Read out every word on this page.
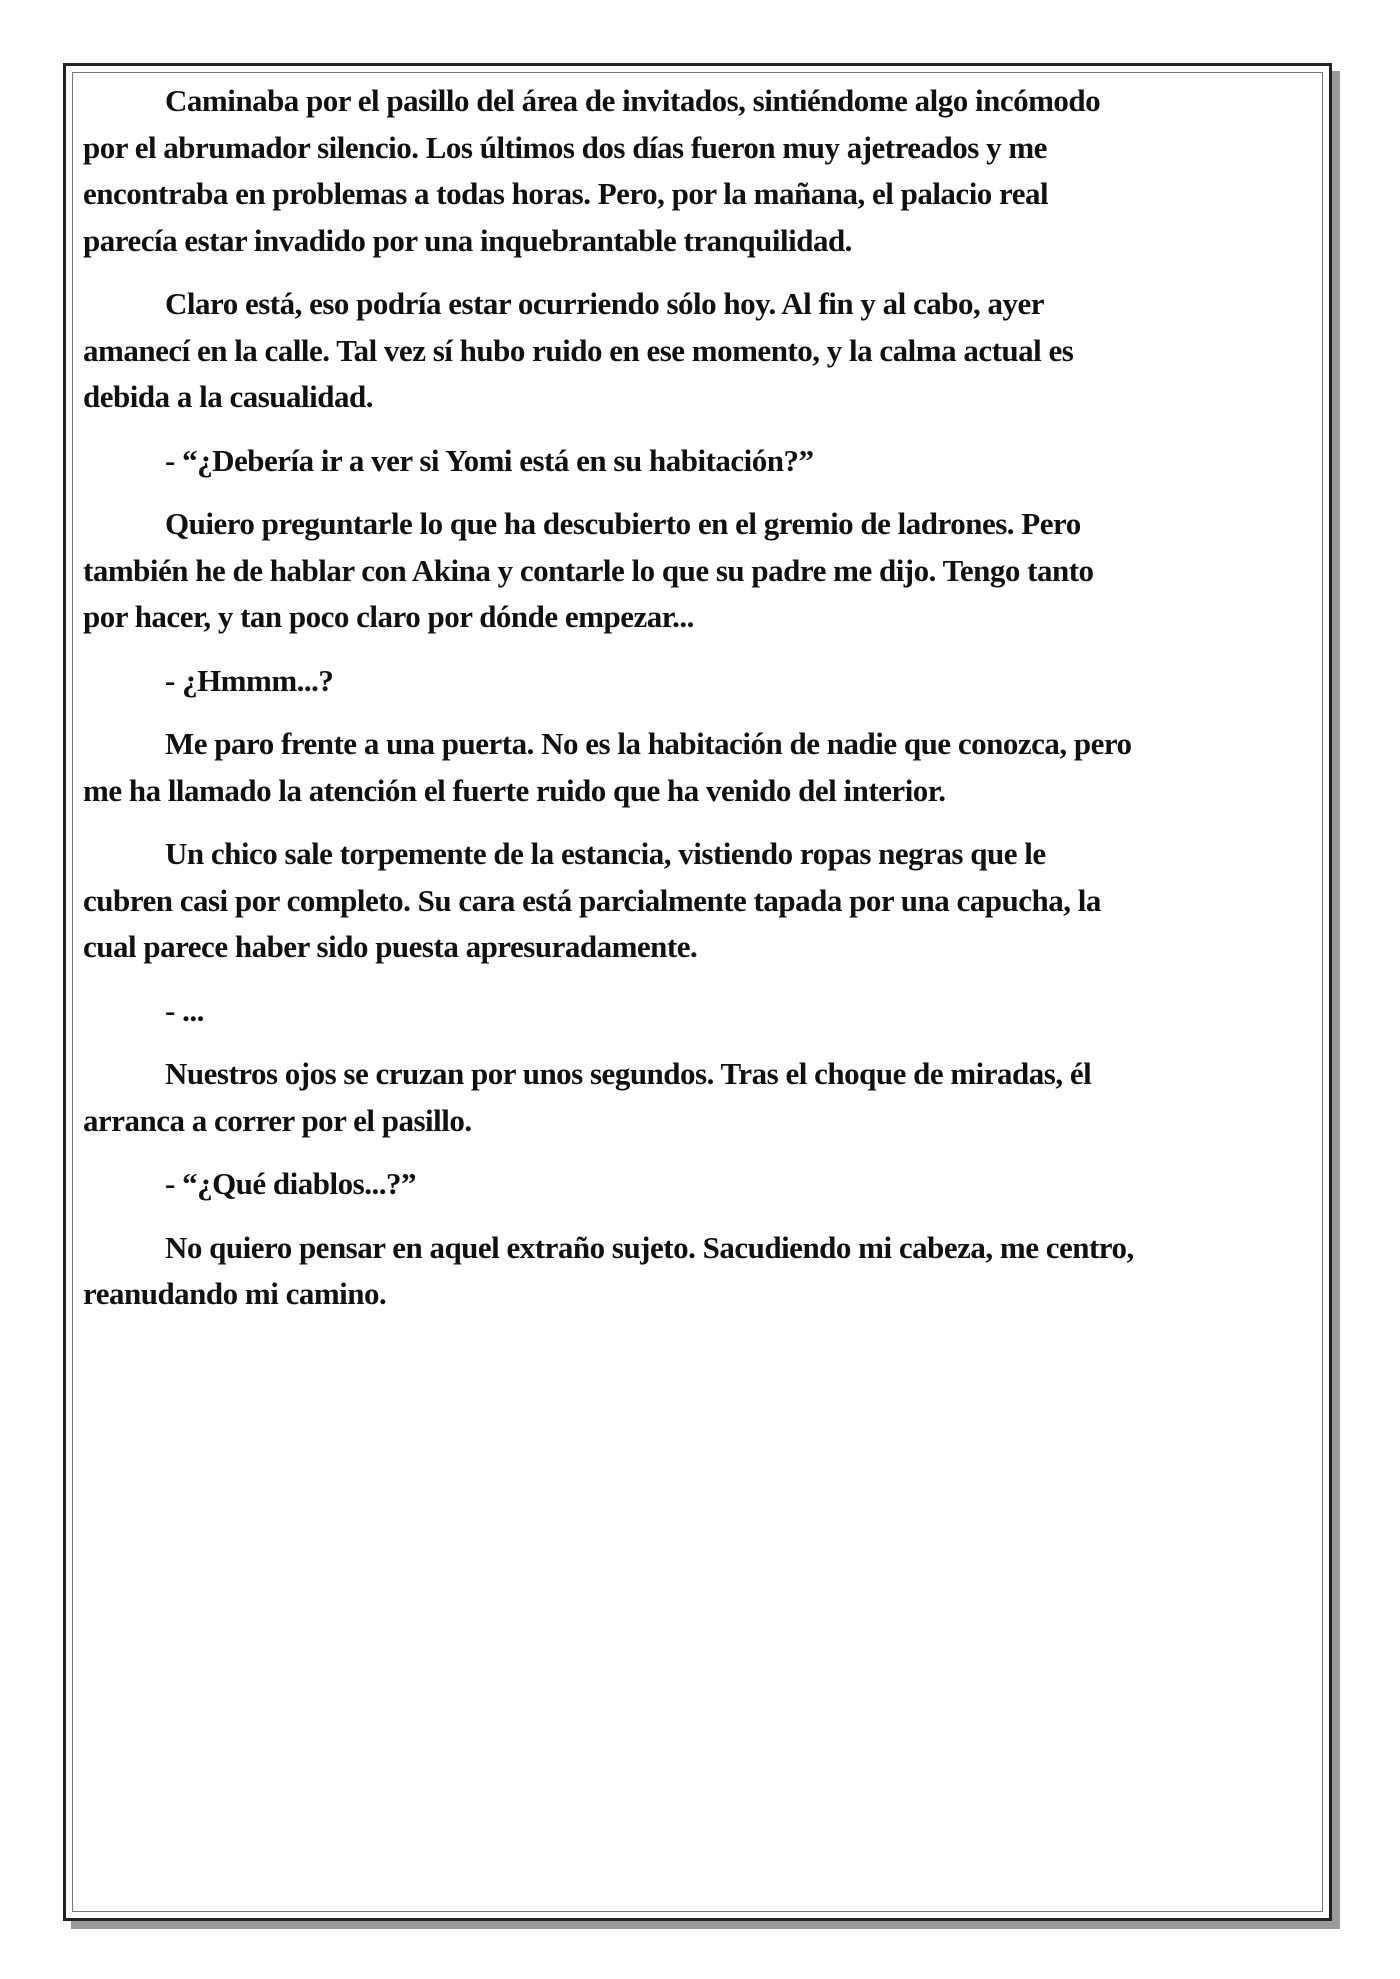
Caminaba por el pasillo del área de invitados, sintiéndome algo incómodo
por el abrumador silencio. Los últimos dos días fueron muy ajetreados y me
encontraba en problemas a todas horas. Pero, por la mañana, el palacio real
parecía estar invadido por una inquebrantable tranquilidad.

Claro está, eso podría estar ocurriendo sólo hoy. Al fin y al cabo, ayer
amanecí en la calle. Tal vez sí hubo ruido en ese momento, y la calma actual es
debida a la casualidad.

- “¿Debería ir a ver si Yomi está en su habitación?”

Quiero preguntarle lo que ha descubierto en el gremio de ladrones. Pero
también he de hablar con Akina y contarle lo que su padre me dijo. Tengo tanto
por hacer, y tan poco claro por dónde empezar...

- ¿Hmmm...?

Me paro frente a una puerta. No es la habitación de nadie que conozca, pero
me ha llamado la atención el fuerte ruido que ha venido del interior.

Un chico sale torpemente de la estancia, vistiendo ropas negras que le
cubren casi por completo. Su cara está parcialmente tapada por una capucha, la
cual parece haber sido puesta apresuradamente.

- ...

Nuestros ojos se cruzan por unos segundos. Tras el choque de miradas, él
arranca a correr por el pasillo.

- “¿Qué diablos...?”

No quiero pensar en aquel extraño sujeto. Sacudiendo mi cabeza, me centro,
reanudando mi camino.
